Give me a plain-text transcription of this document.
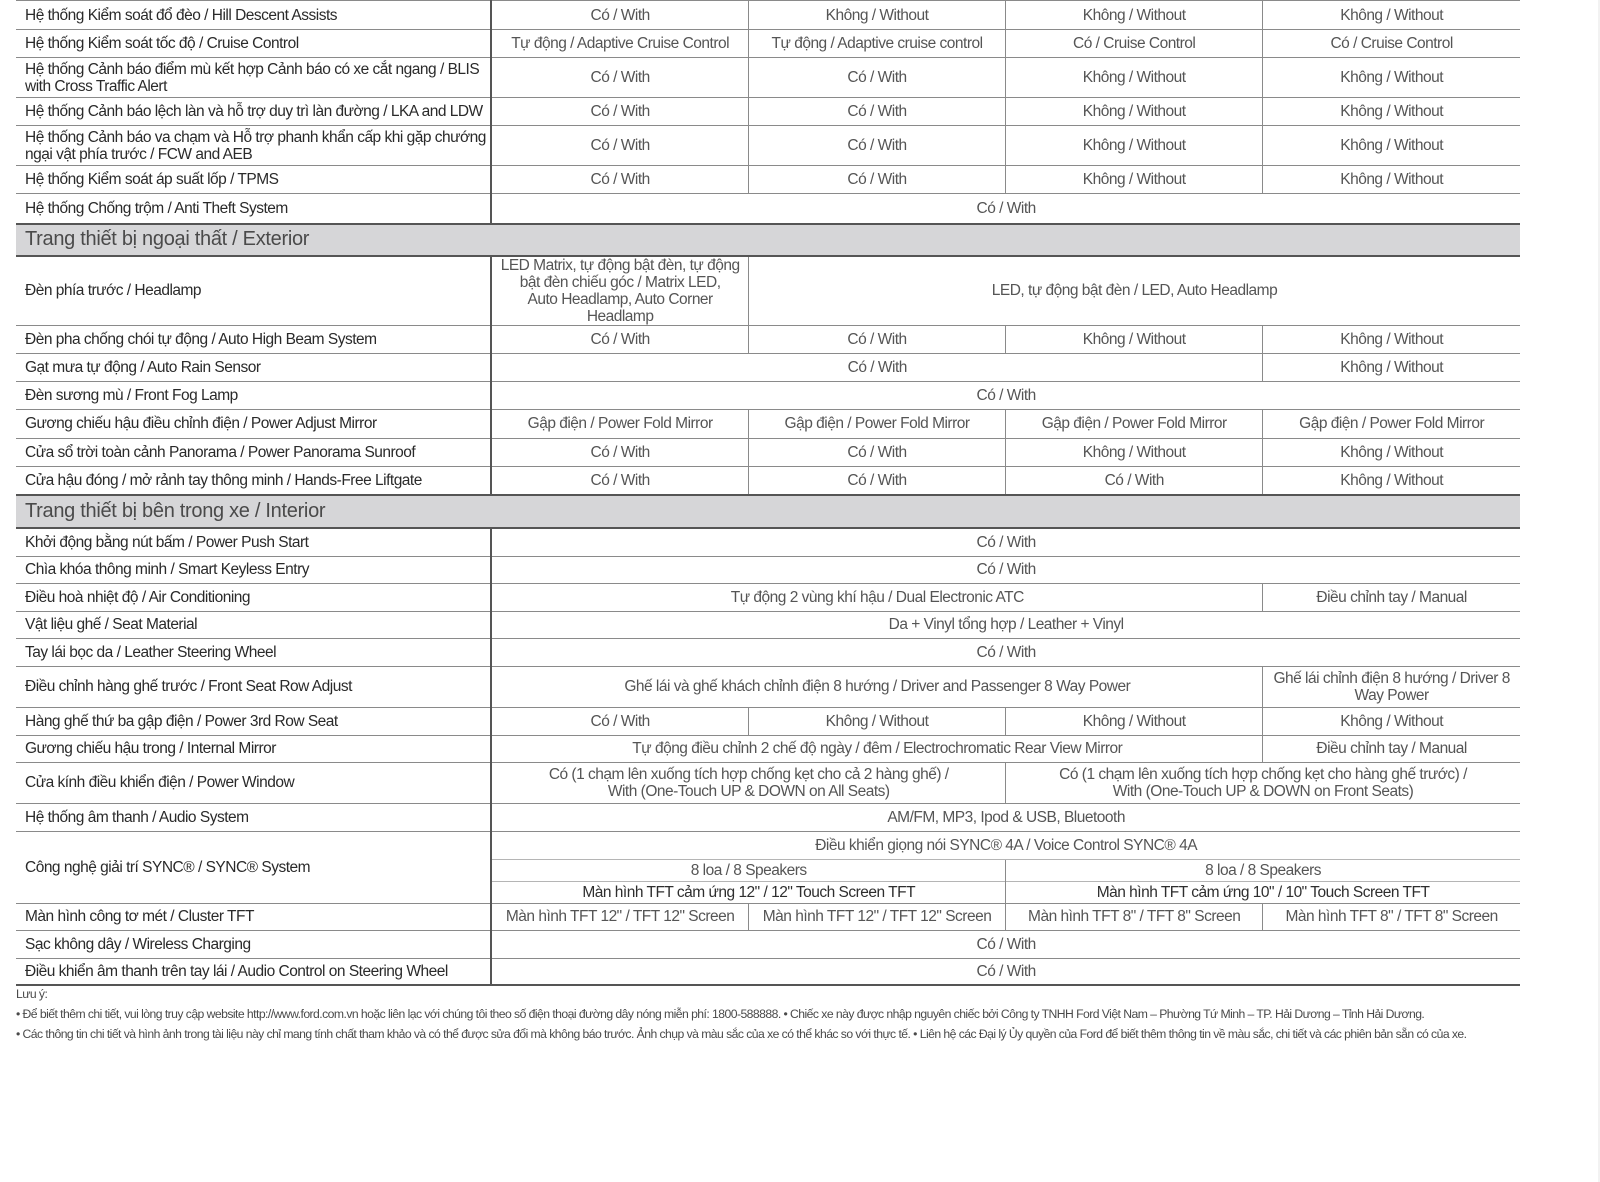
Hệ thống Kiểm soát đổ đèo / Hill Descent Assists	Có / With	Không / Without	Không / Without	Không / Without
Hệ thống Kiểm soát tốc độ / Cruise Control	Tự động / Adaptive Cruise Control	Tự động / Adaptive cruise control	Có / Cruise Control	Có / Cruise Control
Hệ thống Cảnh báo điểm mù kết hợp Cảnh báo có xe cắt ngang / BLIS with Cross Traffic Alert	Có / With	Có / With	Không / Without	Không / Without
Hệ thống Cảnh báo lệch làn và hỗ trợ duy trì làn đường / LKA and LDW	Có / With	Có / With	Không / Without	Không / Without
Hệ thống Cảnh báo va chạm và Hỗ trợ phanh khẩn cấp khi gặp chướng ngại vật phía trước / FCW and AEB	Có / With	Có / With	Không / Without	Không / Without
Hệ thống Kiểm soát áp suất lốp / TPMS	Có / With	Có / With	Không / Without	Không / Without
Hệ thống Chống trộm / Anti Theft System	Có / With			
Trang thiết bị ngoại thất / Exterior				
Đèn phía trước / Headlamp	LED Matrix, tự động bật đèn, tự động
bật đèn chiếu góc / Matrix LED,
Auto Headlamp, Auto Corner Headlamp	LED, tự động bật đèn / LED, Auto Headlamp		
Đèn pha chống chói tự động / Auto High Beam System	Có / With	Có / With	Không / Without	Không / Without
Gạt mưa tự động / Auto Rain Sensor	Có / With			Không / Without
Đèn sương mù / Front Fog Lamp	Có / With			
Gương chiếu hậu điều chỉnh điện / Power Adjust Mirror	Gập điện / Power Fold Mirror	Gập điện / Power Fold Mirror	Gập điện / Power Fold Mirror	Gập điện / Power Fold Mirror
Cửa sổ trời toàn cảnh Panorama / Power Panorama Sunroof	Có / With	Có / With	Không / Without	Không / Without
Cửa hậu đóng / mở rảnh tay thông minh / Hands-Free Liftgate	Có / With	Có / With	Có / With	Không / Without
Trang thiết bị bên trong xe / Interior				
Khởi động bằng nút bấm / Power Push Start	Có / With			
Chìa khóa thông minh / Smart Keyless Entry	Có / With			
Điều hoà nhiệt độ / Air Conditioning	Tự động 2 vùng khí hậu / Dual Electronic ATC			Điều chỉnh tay / Manual
Vật liệu ghế / Seat Material	Da + Vinyl tổng hợp / Leather + Vinyl			
Tay lái bọc da / Leather Steering Wheel	Có / With			
Điều chỉnh hàng ghế trước / Front Seat Row Adjust	Ghế lái và ghế khách chỉnh điện 8 hướng / Driver and Passenger 8 Way Power			Ghế lái chỉnh điện 8 hướng / Driver 8
Way Power
Hàng ghế thứ ba gập điện / Power 3rd Row Seat	Có / With	Không / Without	Không / Without	Không / Without
Gương chiếu hậu trong / Internal Mirror	Tự động điều chỉnh 2 chế độ ngày / đêm / Electrochromatic Rear View Mirror			Điều chỉnh tay / Manual
Cửa kính điều khiển điện / Power Window	Có (1 chạm lên xuống tích hợp chống kẹt cho cả 2 hàng ghế) /
With (One-Touch UP & DOWN on All Seats)		Có (1 chạm lên xuống tích hợp chống kẹt cho hàng ghế trước) /
With (One-Touch UP & DOWN on Front Seats)	
Hệ thống âm thanh / Audio System	AM/FM, MP3, Ipod & USB, Bluetooth			
Công nghệ giải trí SYNC® / SYNC® System	Điều khiển giọng nói SYNC® 4A / Voice Control SYNC® 4A			
	8 loa / 8 Speakers		8 loa / 8 Speakers	
	Màn hình TFT cảm ứng 12" / 12" Touch Screen TFT		Màn hình TFT cảm ứng 10" / 10" Touch Screen TFT	
Màn hình công tơ mét / Cluster TFT	Màn hình TFT 12" / TFT 12" Screen	Màn hình TFT 12" / TFT 12" Screen	Màn hình TFT 8" / TFT 8" Screen	Màn hình TFT 8" / TFT 8" Screen
Sạc không dây / Wireless Charging	Có / With			
Điều khiển âm thanh trên tay lái / Audio Control on Steering Wheel	Có / With			
Lưu ý:
• Để biết thêm chi tiết, vui lòng truy cập website http://www.ford.com.vn hoặc liên lạc với chúng tôi theo số điện thoại đường dây nóng miễn phí: 1800-588888. • Chiếc xe này được nhập nguyên chiếc bởi Công ty TNHH Ford Việt Nam – Phường Tứ Minh – TP. Hải Dương – Tỉnh Hải Dương.
• Các thông tin chi tiết và hình ảnh trong tài liệu này chỉ mang tính chất tham khảo và có thể được sửa đổi mà không báo trước. Ảnh chụp và màu sắc của xe có thể khác so với thực tế. • Liên hệ các Đại lý Ủy quyền của Ford để biết thêm thông tin về màu sắc, chi tiết và các phiên bản sẵn có của xe.
